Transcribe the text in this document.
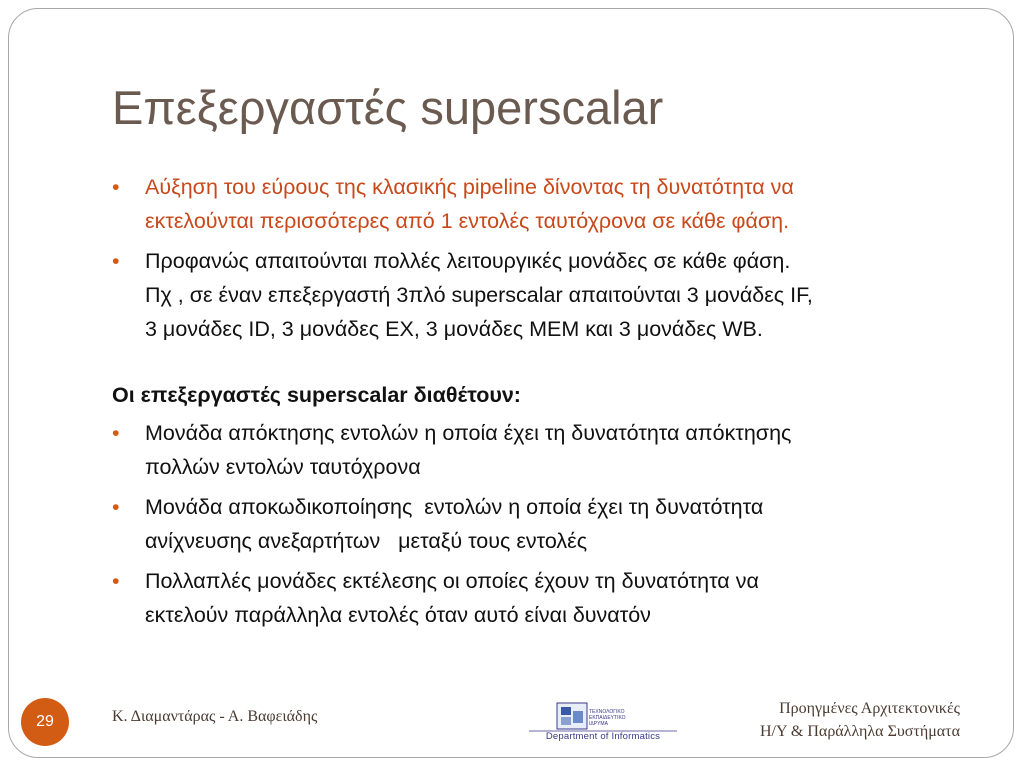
Επεξεργαστές superscalar
• Αύξηση του εύρους της κλασικής pipeline δίνοντας τη δυνατότητα να
εκτελούνται περισσότερες από 1 εντολές ταυτόχρονα σε κάθε φάση.
• Προφανώς απαιτούνται πολλές λειτουργικές μονάδες σε κάθε φάση.
Πχ , σε έναν επεξεργαστή 3πλό superscalar απαιτούνται 3 μονάδες IF,
3 μονάδες ID, 3 μονάδες EX, 3 μονάδες MEM και 3 μονάδες WB.
Οι επεξεργαστές superscalar διαθέτουν:
• Μονάδα απόκτησης εντολών η οποία έχει τη δυνατότητα απόκτησης
πολλών εντολών ταυτόχρονα
• Μονάδα αποκωδικοποίησης  εντολών η οποία έχει τη δυνατότητα
ανίχνευσης ανεξαρτήτων   μεταξύ τους εντολές
• Πολλαπλές μονάδες εκτέλεσης οι οποίες έχουν τη δυνατότητα να
εκτελούν παράλληλα εντολές όταν αυτό είναι δυνατόν
29	Κ. Διαμαντάρας - Α. Βαφειάδης	ΤΕΧΝΟΛΟΓΙΚΟ
ΕΚΠΑΙΔΕΥΤΙΚΟ
ΙΔΡΥΜΑ
Department of Informatics
Προηγμένες Αρχιτεκτονικές
Η/Υ & Παράλληλα Συστήματα
